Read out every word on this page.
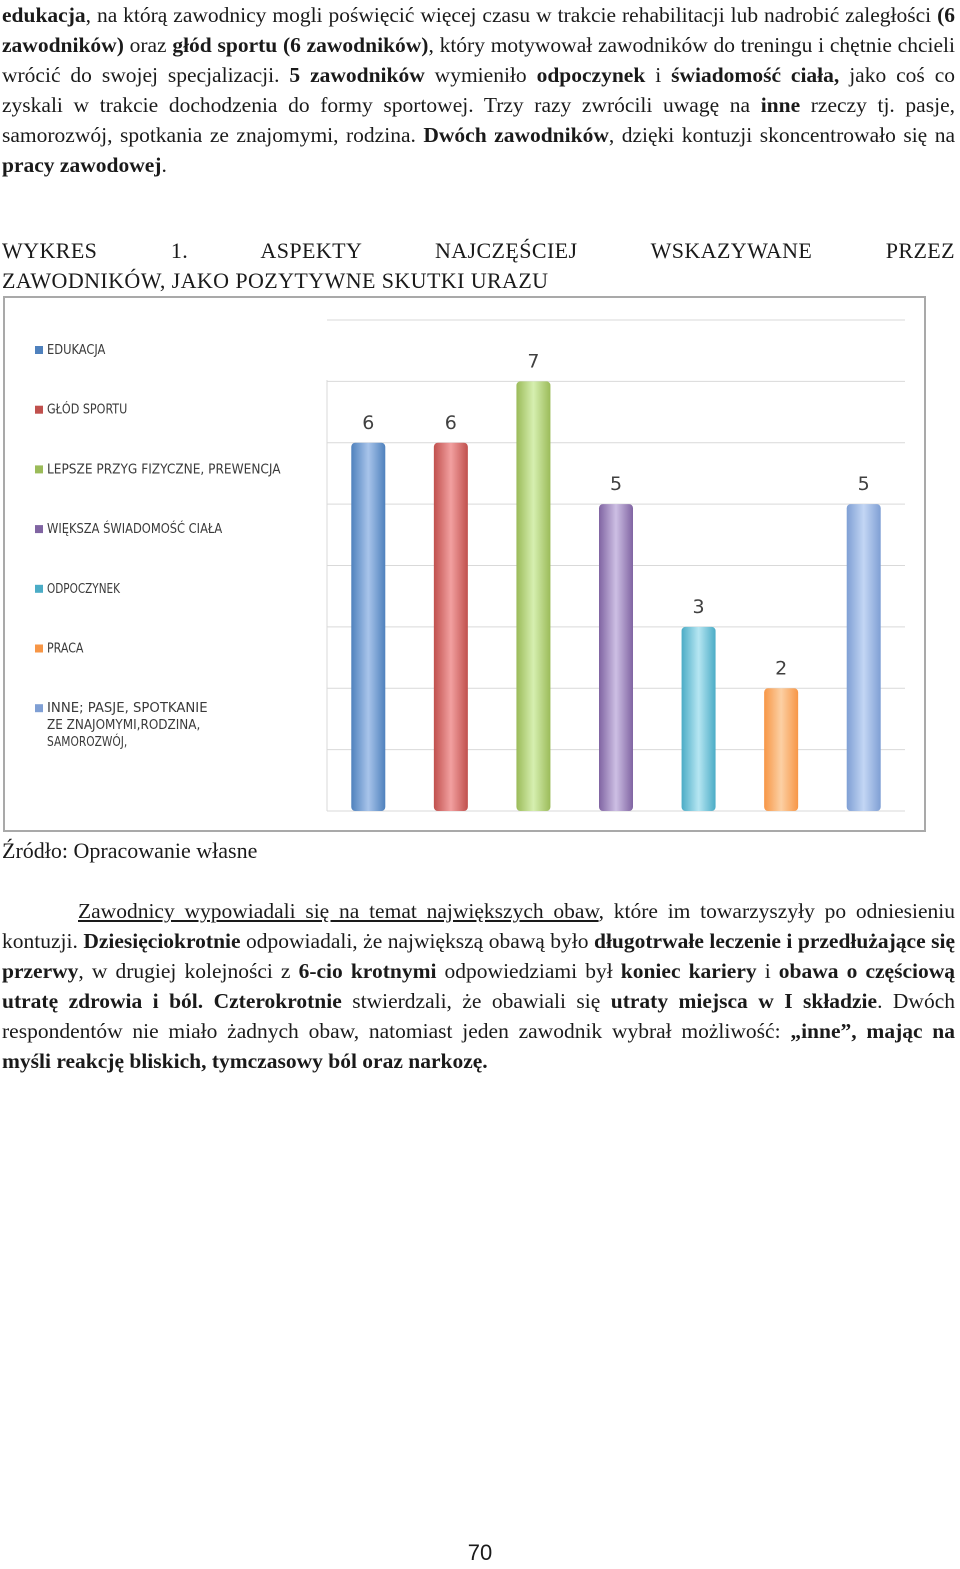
edukacja, na którą zawodnicy mogli poświęcić więcej czasu w trakcie rehabilitacji lub nadrobić zaległości (6 zawodników) oraz głód sportu (6 zawodników), który motywował zawodników do treningu i chętnie chcieli wrócić do swojej specjalizacji. 5 zawodników wymieniło odpoczynek i świadomość ciała, jako coś co zyskali w trakcie dochodzenia do formy sportowej. Trzy razy zwrócili uwagę na inne rzeczy tj. pasje, samorozwój, spotkania ze znajomymi, rodzina. Dwóch zawodników, dzięki kontuzji skoncentrowało się na pracy zawodowej.

WYKRES 1. ASPEKTY NAJCZĘŚCIEJ WSKAZYWANE PRZEZ
ZAWODNIKÓW, JAKO POZYTYWNE SKUTKI URAZU
6	6
7
5
3
2
5
EDUKACJA
GŁÓD SPORTU
LEPSZE PRZYG FIZYCZNE, PREWENCJA
WIĘKSZA ŚWIADOMOŚĆ CIAŁA
ODPOCZYNEK
PRACA
INNE; PASJE, SPOTKANIE
ZE ZNAJOMYMI,RODZINA,
SAMOROZWÓJ,

Źródło: Opracowanie własne

Zawodnicy wypowiadali się na temat największych obaw, które im towarzyszyły po odniesieniu kontuzji. Dziesięciokrotnie odpowiadali, że największą obawą było długotrwałe leczenie i przedłużające się przerwy, w drugiej kolejności z 6-cio krotnymi odpowiedziami był koniec kariery i obawa o częściową utratę zdrowia i ból. Czterokrotnie stwierdzali, że obawiali się utraty miejsca w I składzie. Dwóch respondentów nie miało żadnych obaw, natomiast jeden zawodnik wybrał możliwość: „inne”, mając na myśli reakcję bliskich, tymczasowy ból oraz narkozę.

70
